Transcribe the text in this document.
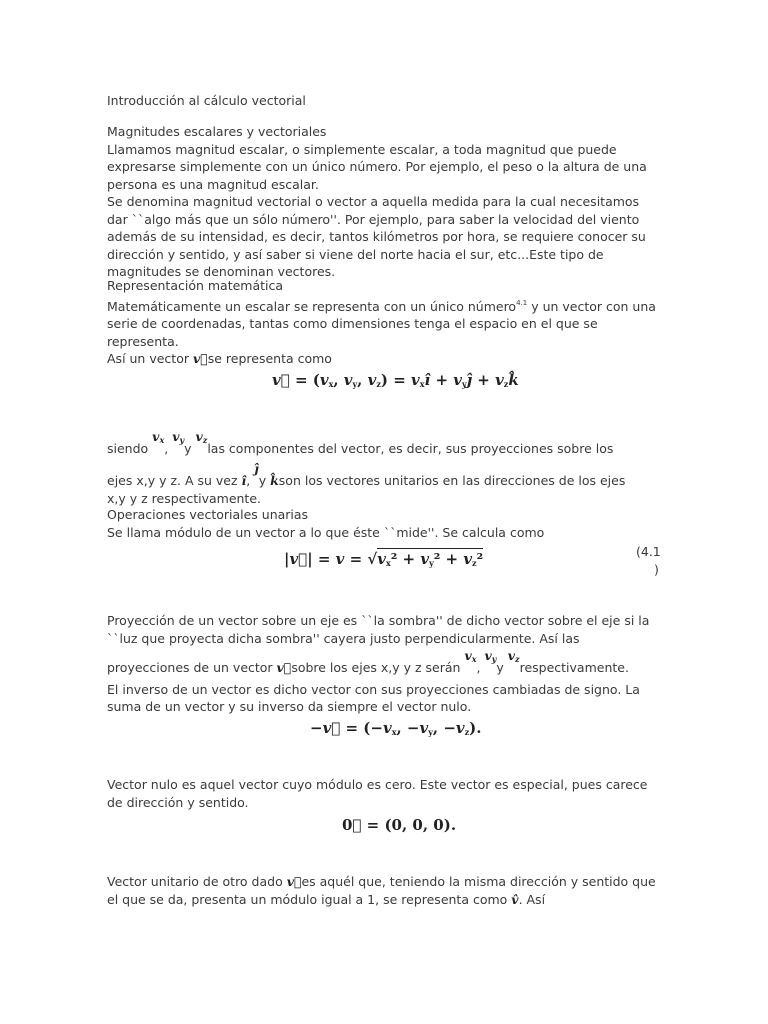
Introducción al cálculo vectorial
Magnitudes escalares y vectoriales
Llamamos magnitud escalar, o simplemente escalar, a toda magnitud que puede
expresarse simplemente con un único número. Por ejemplo, el peso o la altura de una
persona es una magnitud escalar.
Se denomina magnitud vectorial o vector a aquella medida para la cual necesitamos
dar ``algo más que un sólo número''. Por ejemplo, para saber la velocidad del viento
además de su intensidad, es decir, tantos kilómetros por hora, se requiere conocer su
dirección y sentido, y así saber si viene del norte hacia el sur, etc...Este tipo de
magnitudes se denominan vectores.
Representación matemática
Matemáticamente un escalar se representa con un único número$^{4.1}$ y un vector con una
serie de coordenadas, tantas como dimensiones tenga el espacio en el que se
representa.
Así un vector v⃗se representa como
v⃗ = ($v_x$, $v_y$, $v_z$) = $v_xî$ + $v_yĵ$ + $v_zk̂$
siendo $v_x$, $v_yy$ $v_zlas$ componentes del vector, es decir, sus proyecciones sobre los
ejes x,y y z. A su vez î, ĵy k̂son los vectores unitarios en las direcciones de los ejes
x,y y z respectivamente.
Operaciones vectoriales unarias
Se llama módulo de un vector a lo que éste ``mide''. Se calcula como
|v⃗| = $v = √v_x^2 + v_y^2 + v_z^2$	(4.1
)
Proyección de un vector sobre un eje es ``la sombra'' de dicho vector sobre el eje si la
``luz que proyecta dicha sombra'' cayera justo perpendicularmente. Así las
proyecciones de un vector v⃗sobre los ejes x,y y z serán $v_x$, $v_yy$ $v_zrespectivamente$.
El inverso de un vector es dicho vector con sus proyecciones cambiadas de signo. La
suma de un vector y su inverso da siempre el vector nulo.
−v⃗ = ($-v_x$, $-v_y$, $-v_z$).
Vector nulo es aquel vector cuyo módulo es cero. Este vector es especial, pues carece
de dirección y sentido.
0⃗ = (0, 0, 0).
Vector unitario de otro dado v⃗es aquél que, teniendo la misma dirección y sentido que
el que se da, presenta un módulo igual a 1, se representa como v̂. Así
